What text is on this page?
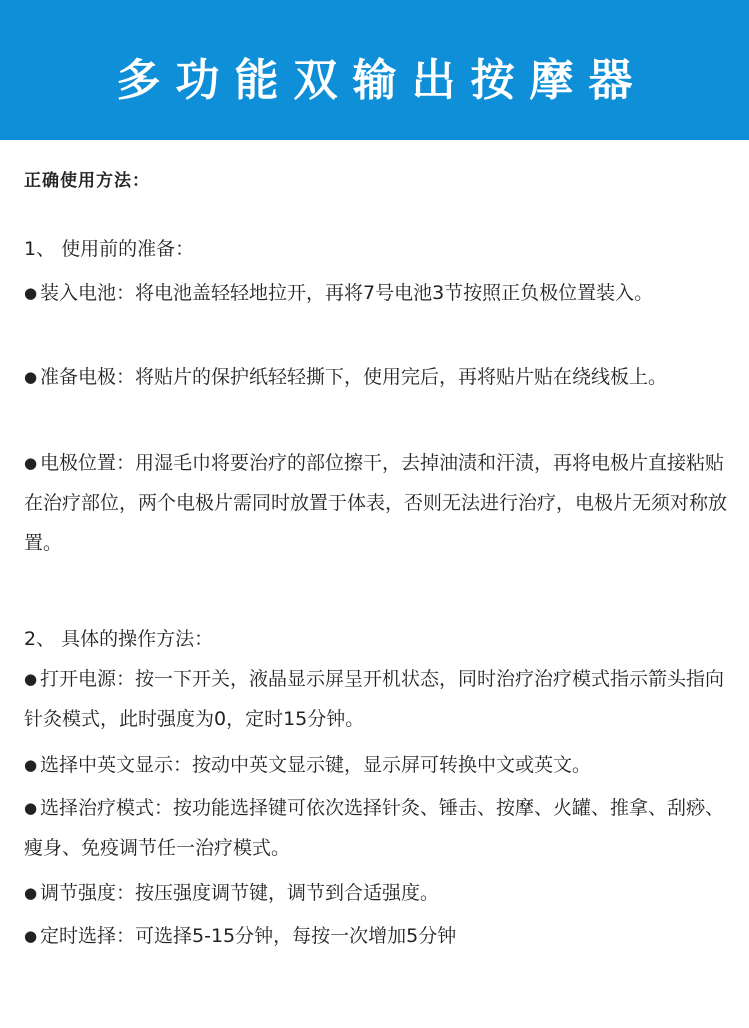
多功能双输出按摩器
正确使用方法：
1、 使用前的准备：

● 装入电池：将电池盖轻轻地拉开，再将7号电池3节按照正负极位置装入。

● 准备电极：将贴片的保护纸轻轻撕下，使用完后，再将贴片贴在绕线板上。

● 电极位置：用湿毛巾将要治疗的部位擦干，去掉油渍和汗渍，再将电极片直接粘贴在治疗部位，两个电极片需同时放置于体表，否则无法进行治疗，电极片无须对称放置。

2、 具体的操作方法：

● 打开电源：按一下开关，液晶显示屏呈开机状态，同时治疗治疗模式指示箭头指向针灸模式，此时强度为0，定时15分钟。

● 选择中英文显示：按动中英文显示键，显示屏可转换中文或英文。

● 选择治疗模式：按功能选择键可依次选择针灸、锤击、按摩、火罐、推拿、刮痧、瘦身、免疫调节任一治疗模式。

● 调节强度：按压强度调节键，调节到合适强度。

● 定时选择：可选择5-15分钟，每按一次增加5分钟
